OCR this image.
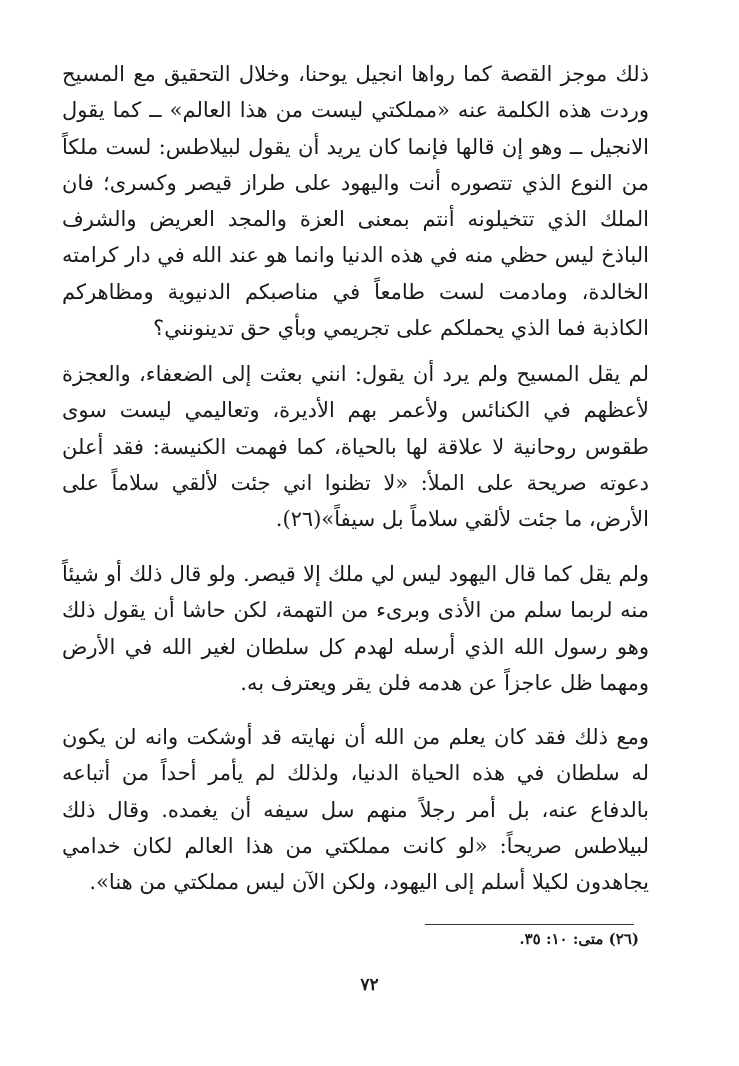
ذلك موجز القصة كما رواها انجيل يوحنا، وخلال التحقيق مع المسيح وردت هذه الكلمة عنه «مملكتي ليست من هذا العالم» ــ كما يقول الانجيل ــ وهو إن قالها فإنما كان يريد أن يقول لبيلاطس: لست ملكاً من النوع الذي تتصوره أنت واليهود على طراز قيصر وكسرى؛ فان الملك الذي تتخيلونه أنتم بمعنى العزة والمجد العريض والشرف الباذخ ليس حظي منه في هذه الدنيا وانما هو عند الله في دار كرامته الخالدة، ومادمت لست طامعاً في مناصبكم الدنيوية ومظاهركم الكاذبة فما الذي يحملكم على تجريمي وبأي حق تدينونني؟

لم يقل المسيح ولم يرد أن يقول: انني بعثت إلى الضعفاء، والعجزة لأعظهم في الكنائس ولأعمر بهم الأديرة، وتعاليمي ليست سوى طقوس روحانية لا علاقة لها بالحياة، كما فهمت الكنيسة: فقد أعلن دعوته صريحة على الملأ: «لا تظنوا اني جئت لألقي سلاماً على الأرض، ما جئت لألقي سلاماً بل سيفاً»(٢٦).

ولم يقل كما قال اليهود ليس لي ملك إلا قيصر. ولو قال ذلك أو شيئاً منه لربما سلم من الأذى وبرىء من التهمة، لكن حاشا أن يقول ذلك وهو رسول الله الذي أرسله لهدم كل سلطان لغير الله في الأرض ومهما ظل عاجزاً عن هدمه فلن يقر ويعترف به.

ومع ذلك فقد كان يعلم من الله أن نهايته قد أوشكت وانه لن يكون له سلطان في هذه الحياة الدنيا، ولذلك لم يأمر أحداً من أتباعه بالدفاع عنه، بل أمر رجلاً منهم سل سيفه أن يغمده. وقال ذلك لبيلاطس صريحاً: «لو كانت مملكتي من هذا العالم لكان خدامي يجاهدون لكيلا أسلم إلى اليهود، ولكن الآن ليس مملكتي من هنا».

(٢٦) متى: ١٠: ٣٥.

٧٢
